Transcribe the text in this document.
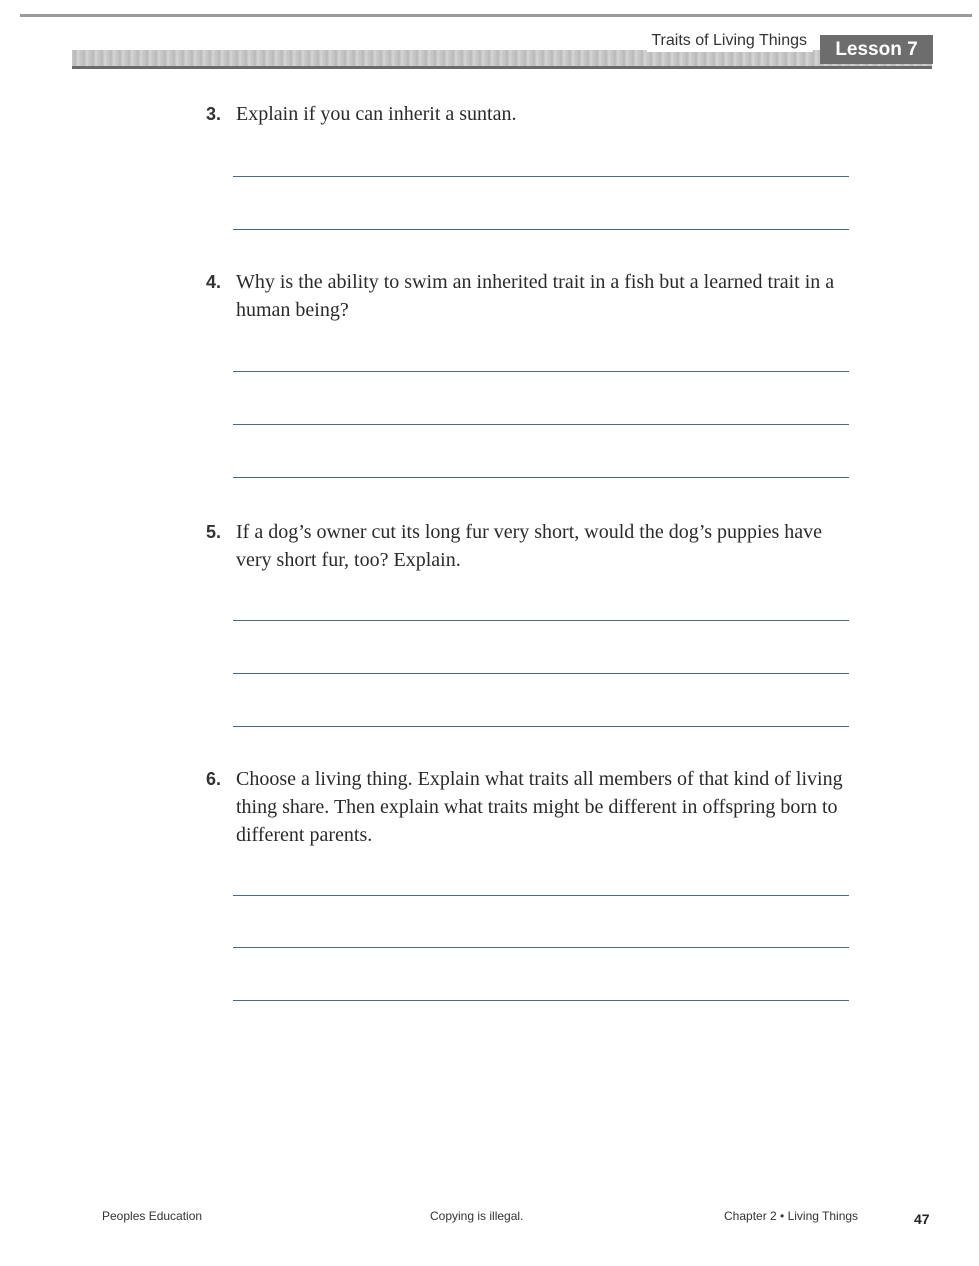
Traits of Living Things	Lesson 7
3. Explain if you can inherit a suntan.
4. Why is the ability to swim an inherited trait in a fish but a learned trait in a human being?
5. If a dog’s owner cut its long fur very short, would the dog’s puppies have very short fur, too? Explain.
6. Choose a living thing. Explain what traits all members of that kind of living thing share. Then explain what traits might be different in offspring born to different parents.
Peoples Education	Copying is illegal.	Chapter 2 • Living Things	47
